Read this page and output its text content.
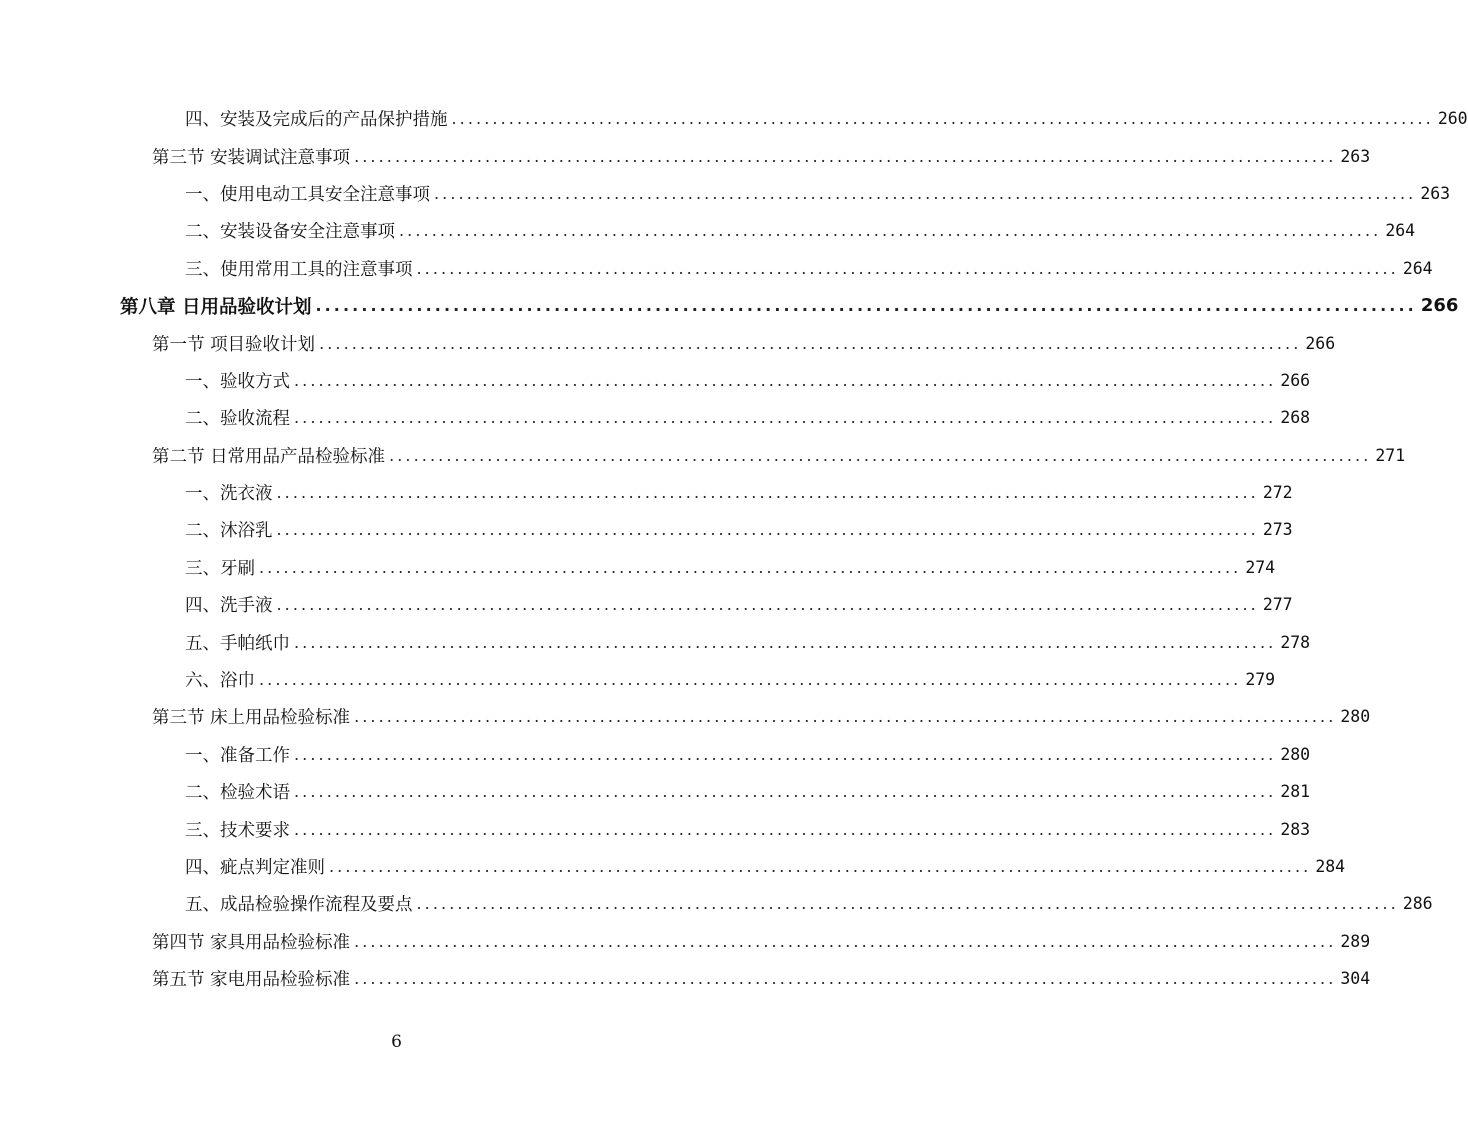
四、安装及完成后的产品保护措施 ........................................................................................................................ 260
第三节 安装调试注意事项 ........................................................................................................................ 263
一、使用电动工具安全注意事项 ........................................................................................................................ 263
二、安装设备安全注意事项 ........................................................................................................................ 264
三、使用常用工具的注意事项 ........................................................................................................................ 264
第八章 日用品验收计划 ........................................................................................................................ 266
第一节 项目验收计划 ........................................................................................................................ 266
一、验收方式 ........................................................................................................................ 266
二、验收流程 ........................................................................................................................ 268
第二节 日常用品产品检验标准 ........................................................................................................................ 271
一、洗衣液 ........................................................................................................................ 272
二、沐浴乳 ........................................................................................................................ 273
三、牙刷 ........................................................................................................................ 274
四、洗手液 ........................................................................................................................ 277
五、手帕纸巾 ........................................................................................................................ 278
六、浴巾 ........................................................................................................................ 279
第三节 床上用品检验标准 ........................................................................................................................ 280
一、准备工作 ........................................................................................................................ 280
二、检验术语 ........................................................................................................................ 281
三、技术要求 ........................................................................................................................ 283
四、疵点判定准则 ........................................................................................................................ 284
五、成品检验操作流程及要点 ........................................................................................................................ 286
第四节 家具用品检验标准 ........................................................................................................................ 289
第五节 家电用品检验标准 ........................................................................................................................ 304
6
